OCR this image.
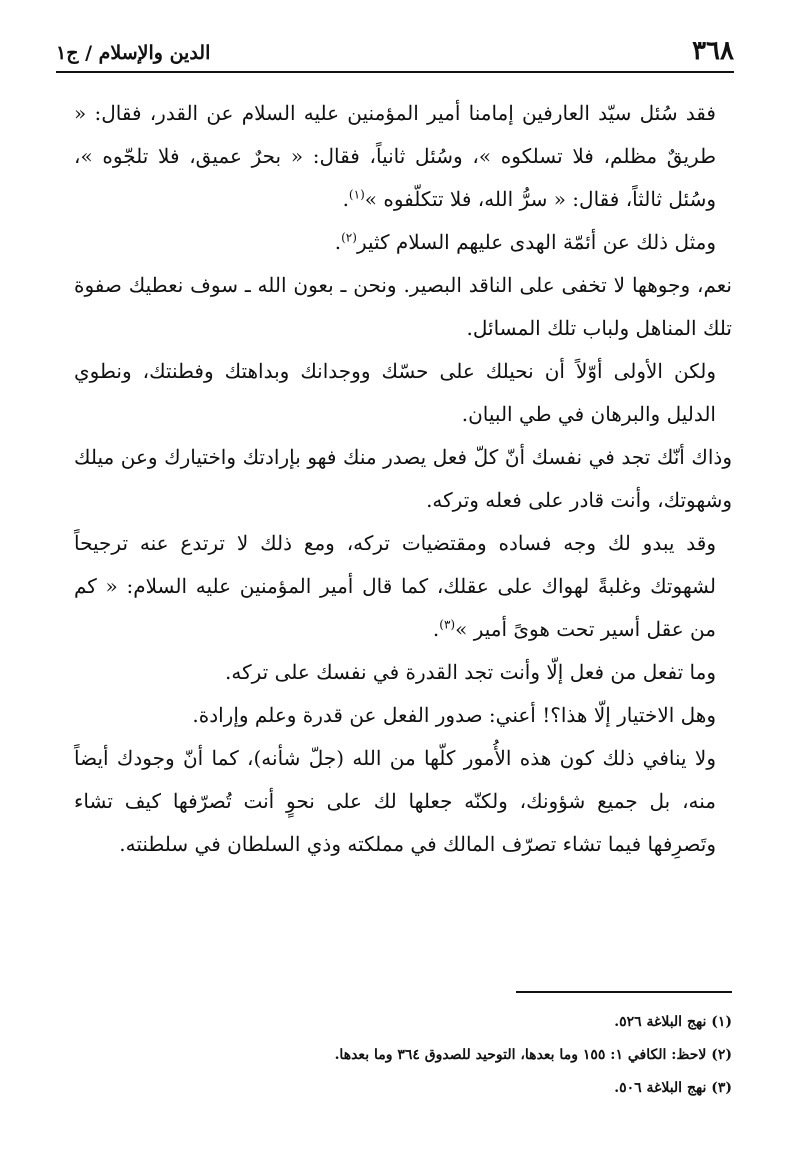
٣٦٨
الدين والإسلام / ج١

فقد سُئل سيّد العارفين إمامنا أمير المؤمنين عليه السلام عن القدر، فقال: « طريقٌ مظلم، فلا تسلكوه »، وسُئل ثانياً، فقال: « بحرٌ عميق، فلا تلجّوه »، وسُئل ثالثاً، فقال: « سرُّ الله، فلا تتكلّفوه »$^{(١)}$.

ومثل ذلك عن أئمّة الهدى عليهم السلام كثير$^{(٢)}$.

نعم، وجوهها لا تخفى على الناقد البصير. ونحن ـ بعون الله ـ سوف نعطيك صفوة تلك المناهل ولباب تلك المسائل.

ولكن الأولى أوّلاً أن نحيلك على حسّك ووجدانك وبداهتك وفطنتك، ونطوي الدليل والبرهان في طي البيان.

وذاك أنّك تجد في نفسك أنّ كلّ فعل يصدر منك فهو بإرادتك واختيارك وعن ميلك وشهوتك، وأنت قادر على فعله وتركه.

وقد يبدو لك وجه فساده ومقتضيات تركه، ومع ذلك لا ترتدع عنه ترجيحاً لشهوتك وغلبةً لهواك على عقلك، كما قال أمير المؤمنين عليه السلام: « كم من عقل أسير تحت هوىً أمير »$^{(٣)}$.

وما تفعل من فعل إلّا وأنت تجد القدرة في نفسك على تركه.

وهل الاختيار إلّا هذا؟! أعني: صدور الفعل عن قدرة وعلم وإرادة.

ولا ينافي ذلك كون هذه الأُمور كلّها من الله (جلّ شأنه)، كما أنّ وجودك أيضاً منه، بل جميع شؤونك، ولكنّه جعلها لك على نحوٍ أنت تُصرّفها كيف تشاء وتَصرِفها فيما تشاء تصرّف المالك في مملكته وذي السلطان في سلطنته.

(١) نهج البلاغة ٥٢٦.
(٢) لاحظ: الكافي ١: ١٥٥ وما بعدها، التوحيد للصدوق ٣٦٤ وما بعدها.
(٣) نهج البلاغة ٥٠٦.
